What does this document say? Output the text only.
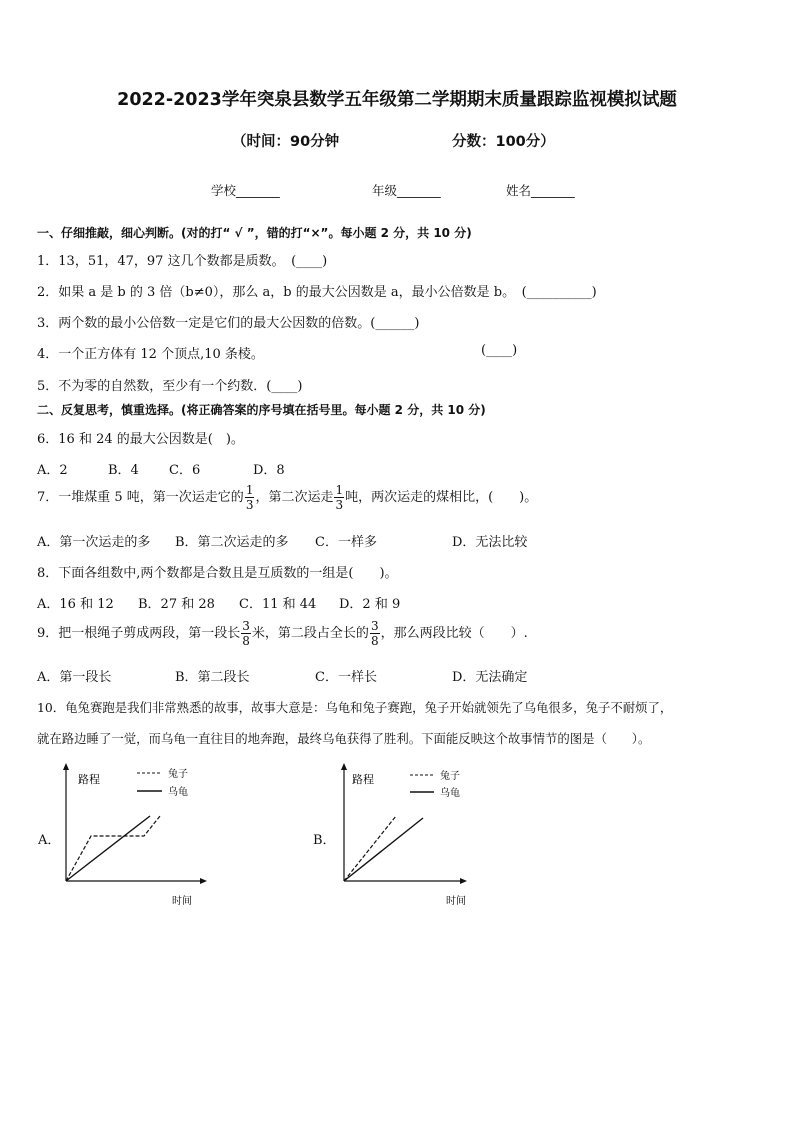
2022-2023学年突泉县数学五年级第二学期期末质量跟踪监视模拟试题
（时间：90分钟	分数：100分）
学校_______	年级_______	姓名_______
一、仔细推敲，细心判断。(对的打“ √ ”，错的打“×”。每小题 2 分，共 10 分)
1．13，51，47，97 这几个数都是质数。　(____)
2．如果 a 是 b 的 3 倍（b≠0），那么 a，b 的最大公因数是 a，最小公倍数是 b。　(__________)
3．两个数的最小公倍数一定是它们的最大公因数的倍数。(______)
4．一个正方体有 12 个顶点,10 条棱。	(____)
5．不为零的自然数，至少有一个约数．(____)
二、反复思考，慎重选择。(将正确答案的序号填在括号里。每小题 2 分，共 10 分)
6．16 和 24 的最大公因数是(　)。
A．2	B．4 C．6	D．8
7．一堆煤重 5 吨，第一次运走它的 $\frac{1}{3}$ ，第二次运走 $\frac{1}{3}$ 吨，两次运走的煤相比，(　　)。
A．第一次运走的多 B．第二次运走的多 C．一样多	D．无法比较
8．下面各组数中,两个数都是合数且是互质数的一组是(　　)。
A．16 和 12 B．27 和 28 C．11 和 44 D．2 和 9
9．把一根绳子剪成两段，第一段长 $\frac{3}{8}$ 米，第二段占全长的 $\frac{3}{8}$ ，那么两段比较（　　）.
A．第一段长	B．第二段长	C．一样长	D．无法确定
10．龟兔赛跑是我们非常熟悉的故事，故事大意是：乌龟和兔子赛跑，兔子开始就领先了乌龟很多，兔子不耐烦了，
就在路边睡了一觉，而乌龟一直往目的地奔跑，最终乌龟获得了胜利。下面能反映这个故事情节的图是（　　）。
A．
路程
时间
兔子
乌龟
B．
路程
时间
兔子
乌龟
